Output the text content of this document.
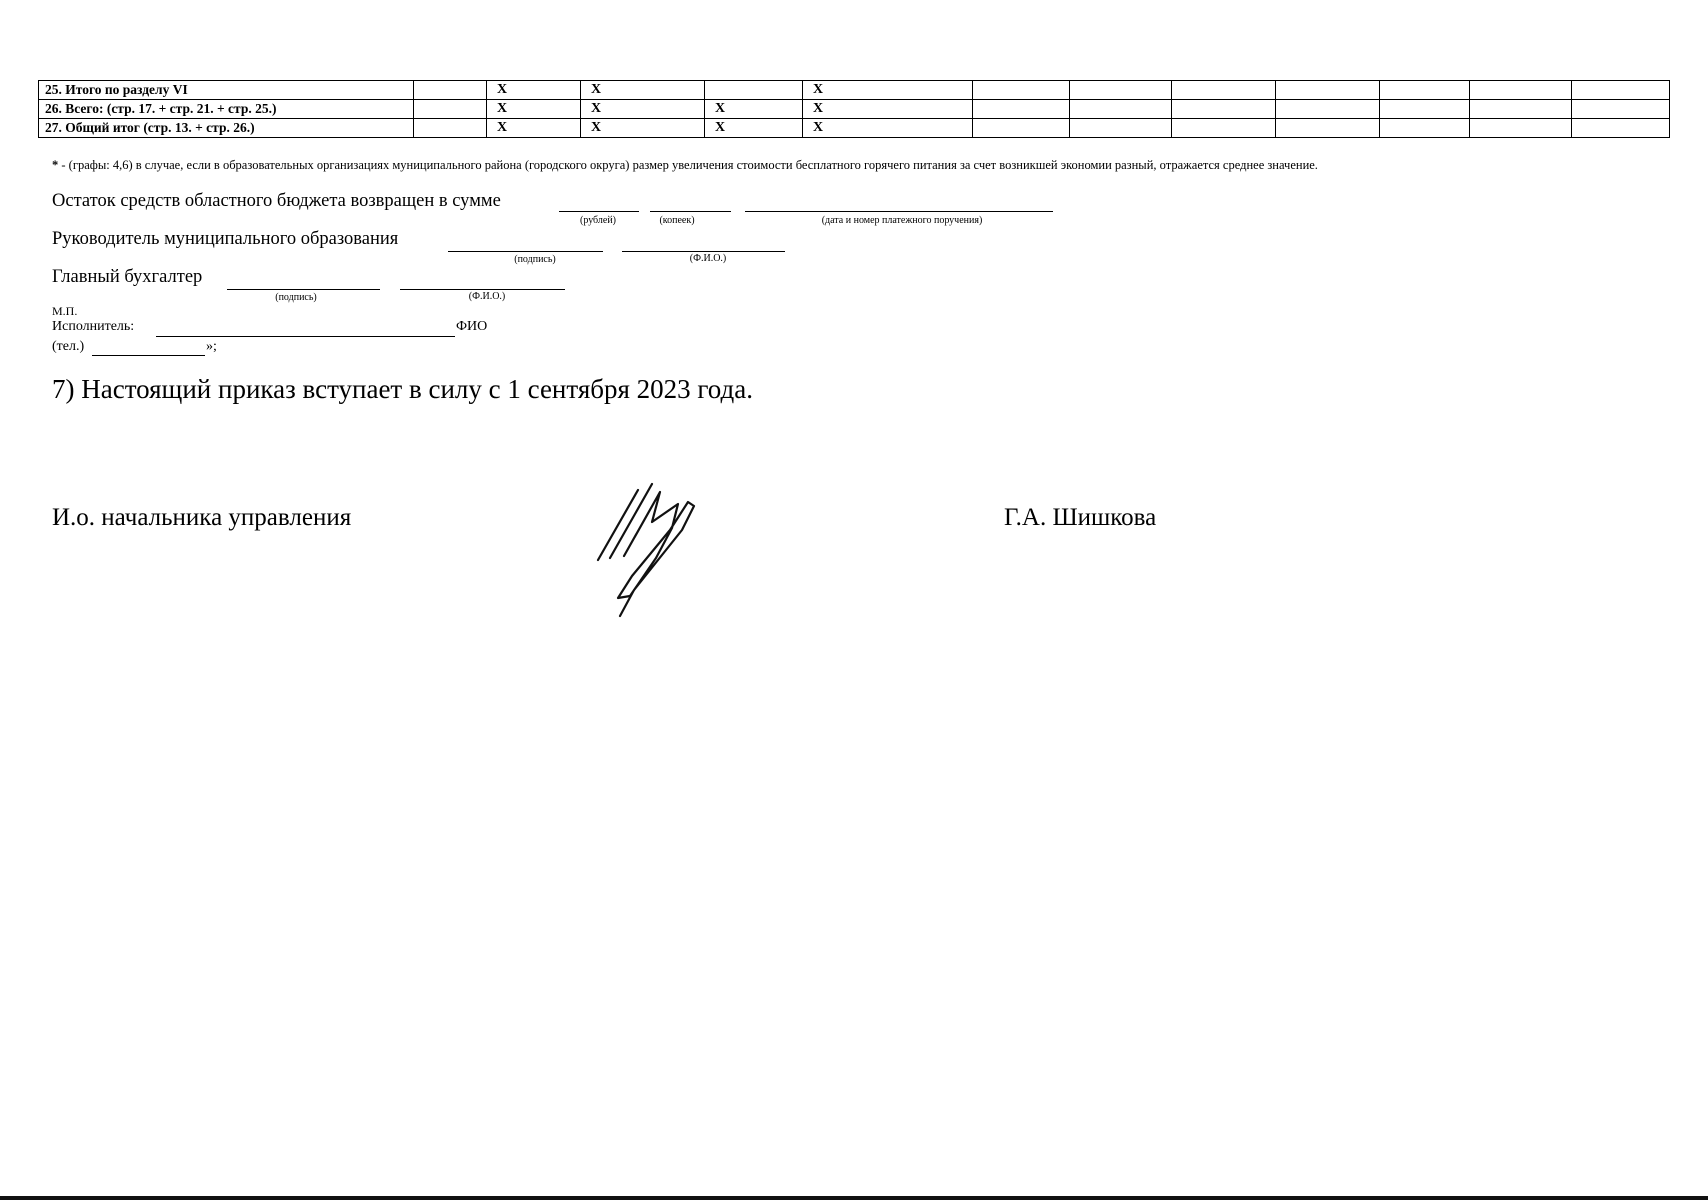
25. Итого по разделу VI		X	X		X							
26. Всего: (стр. 17. + стр. 21. + стр. 25.)		X	X	X	X							
27. Общий итог (стр. 13. + стр. 26.)		X	X	X	X							
* - (графы: 4,6) в случае, если в образовательных организациях муниципального района (городского округа) размер увеличения стоимости бесплатного горячего питания за счет возникшей экономии разный, отражается среднее значение.
Остаток средств областного бюджета возвращен в сумме
(рублей)	(копеек)	(дата и номер платежного поручения)
Руководитель муниципального образования
(подпись)	(Ф.И.О.)
Главный бухгалтер
(подпись)	(Ф.И.О.)
М.П.
Исполнитель:	ФИО
(тел.)	»;
7) Настоящий приказ вступает в силу с 1 сентября 2023 года.
И.о. начальника управления	Г.А. Шишкова
